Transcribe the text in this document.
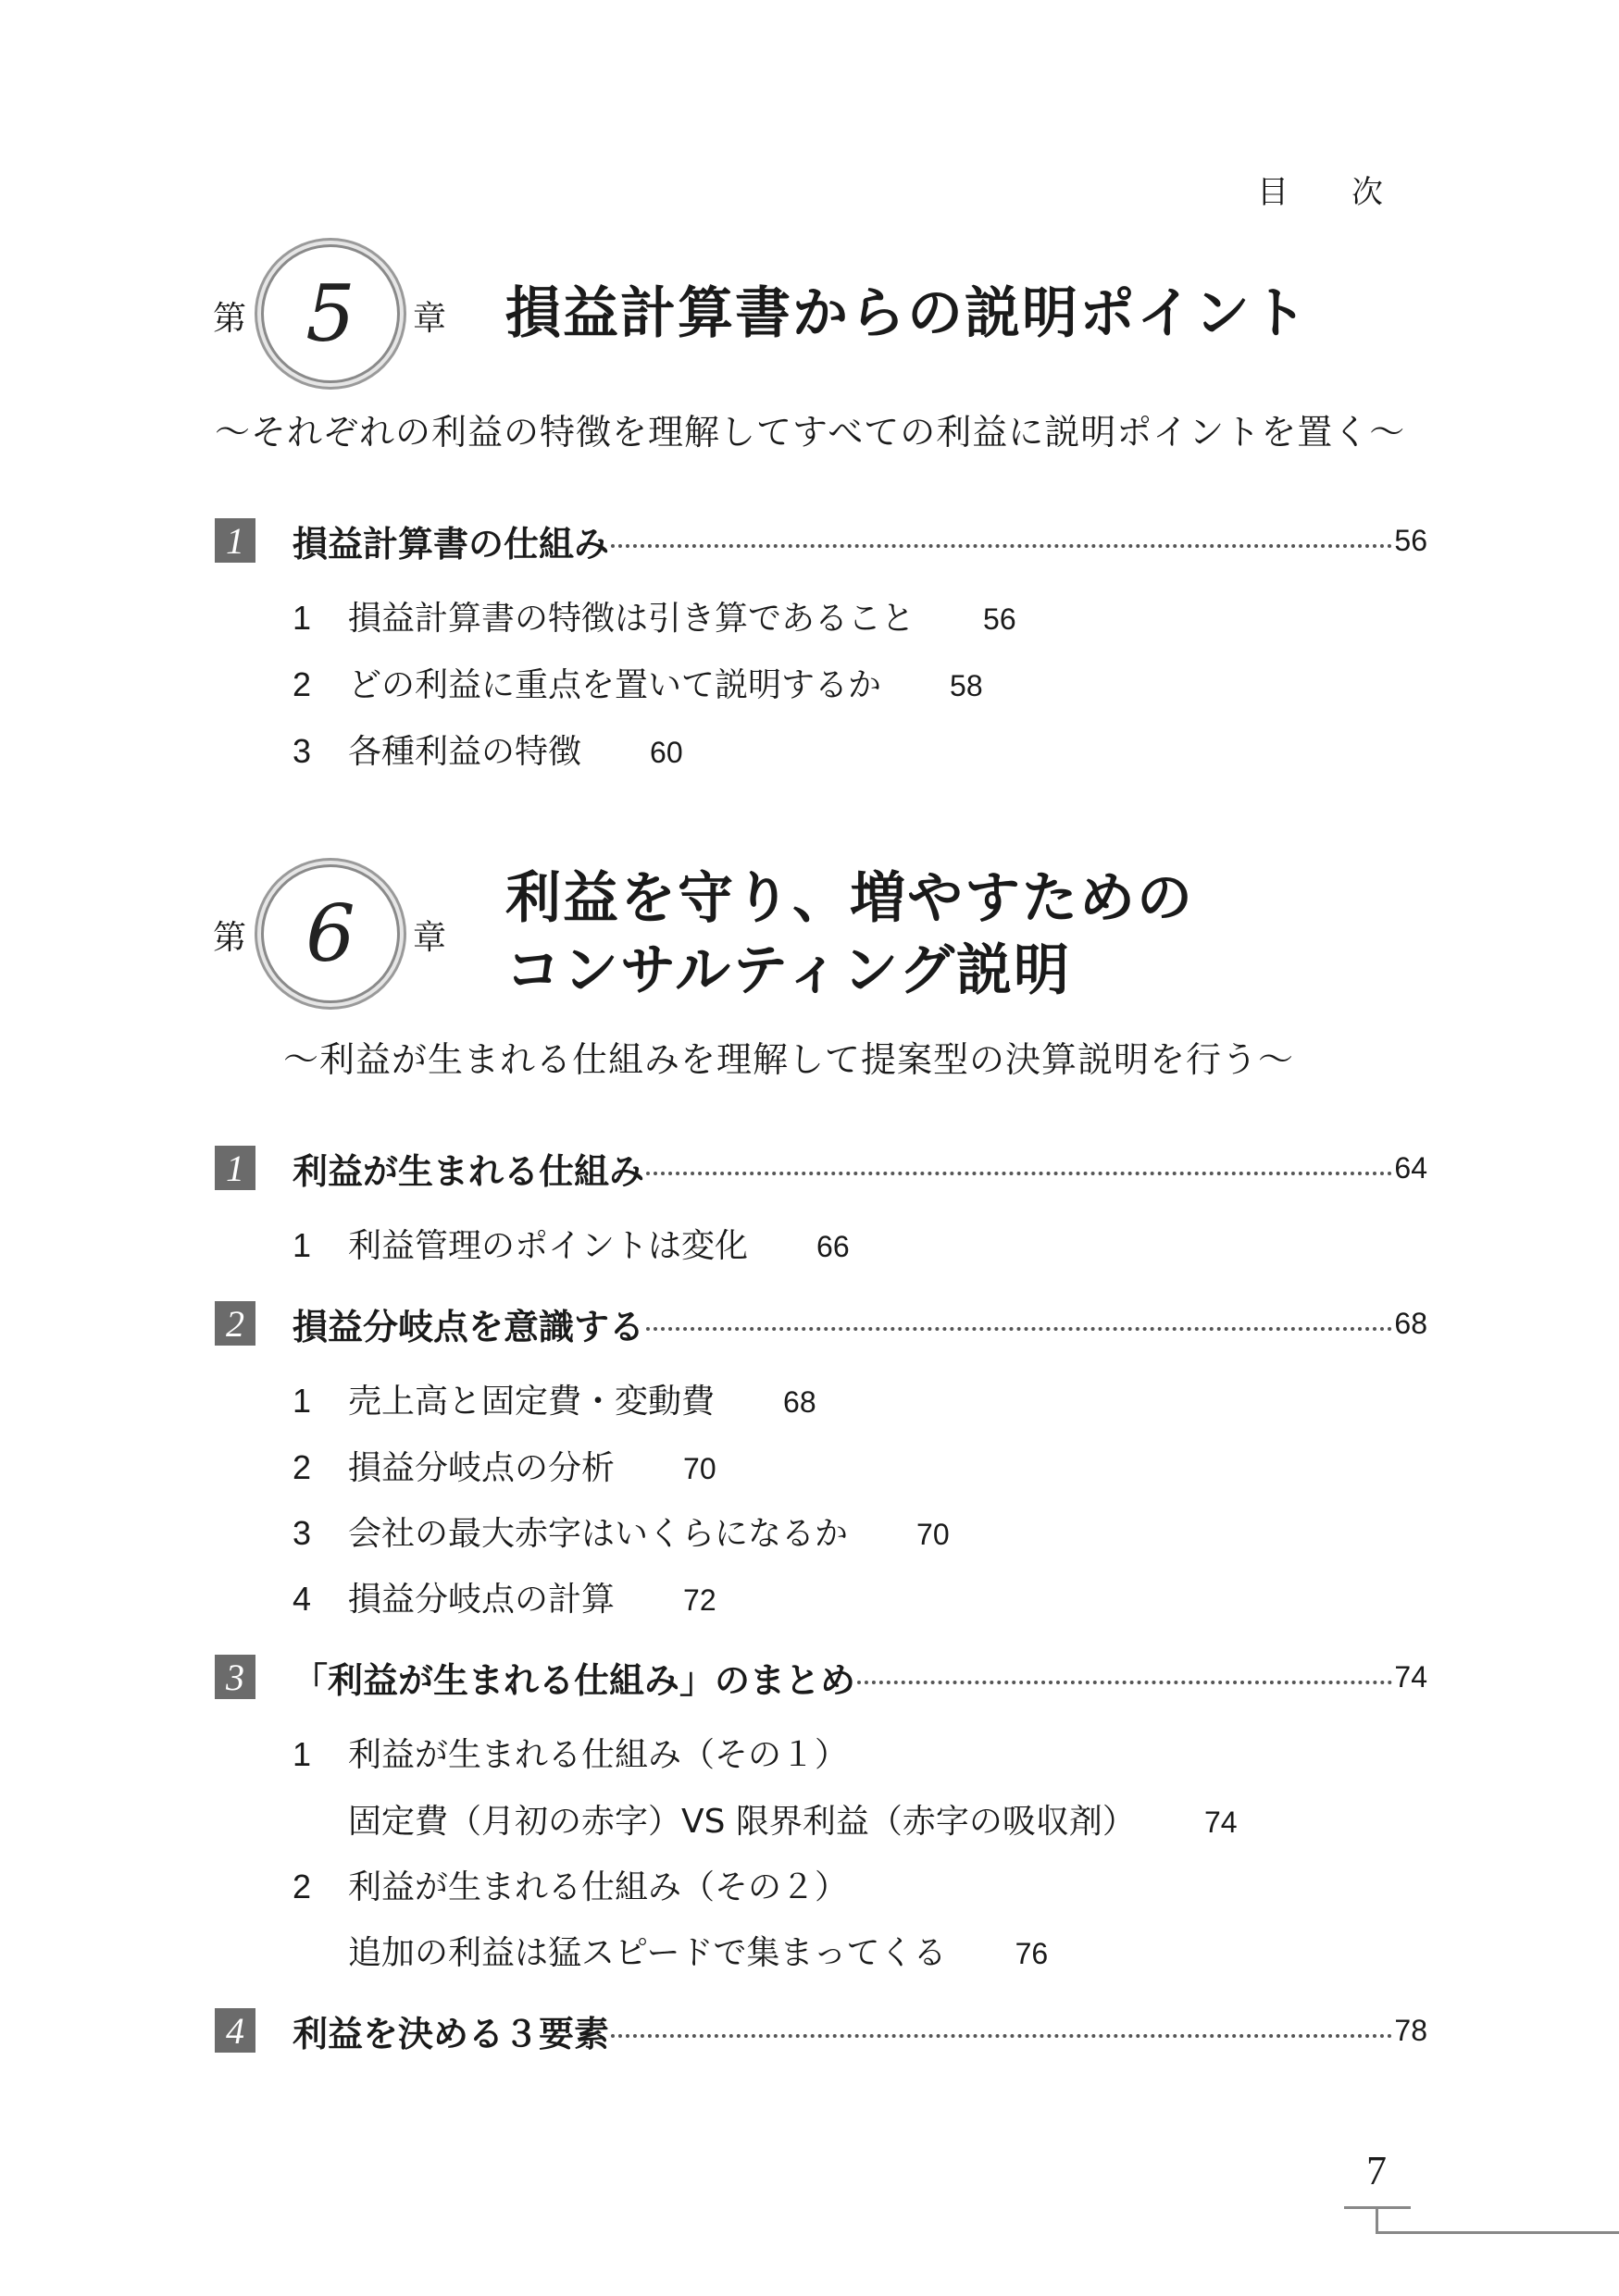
目　　次
第 5 章 損益計算書からの説明ポイント
～それぞれの利益の特徴を理解してすべての利益に説明ポイントを置く～
1	損益計算書の仕組み	56
1	損益計算書の特徴は引き算であること 56
2	どの利益に重点を置いて説明するか 58
3	各種利益の特徴 60
第 6 章
利益を守り、増やすための
コンサルティング説明
～利益が生まれる仕組みを理解して提案型の決算説明を行う～
1	利益が生まれる仕組み	64
1	利益管理のポイントは変化 66
2	損益分岐点を意識する	68
1	売上高と固定費・変動費 68
2	損益分岐点の分析 70
3	会社の最大赤字はいくらになるか 70
4	損益分岐点の計算 72
3	「利益が生まれる仕組み」のまとめ	74
1	利益が生まれる仕組み（その１）
固定費（月初の赤字）VS 限界利益（赤字の吸収剤） 74
2	利益が生まれる仕組み（その２）
追加の利益は猛スピードで集まってくる 76
4	利益を決める３要素	78
7
